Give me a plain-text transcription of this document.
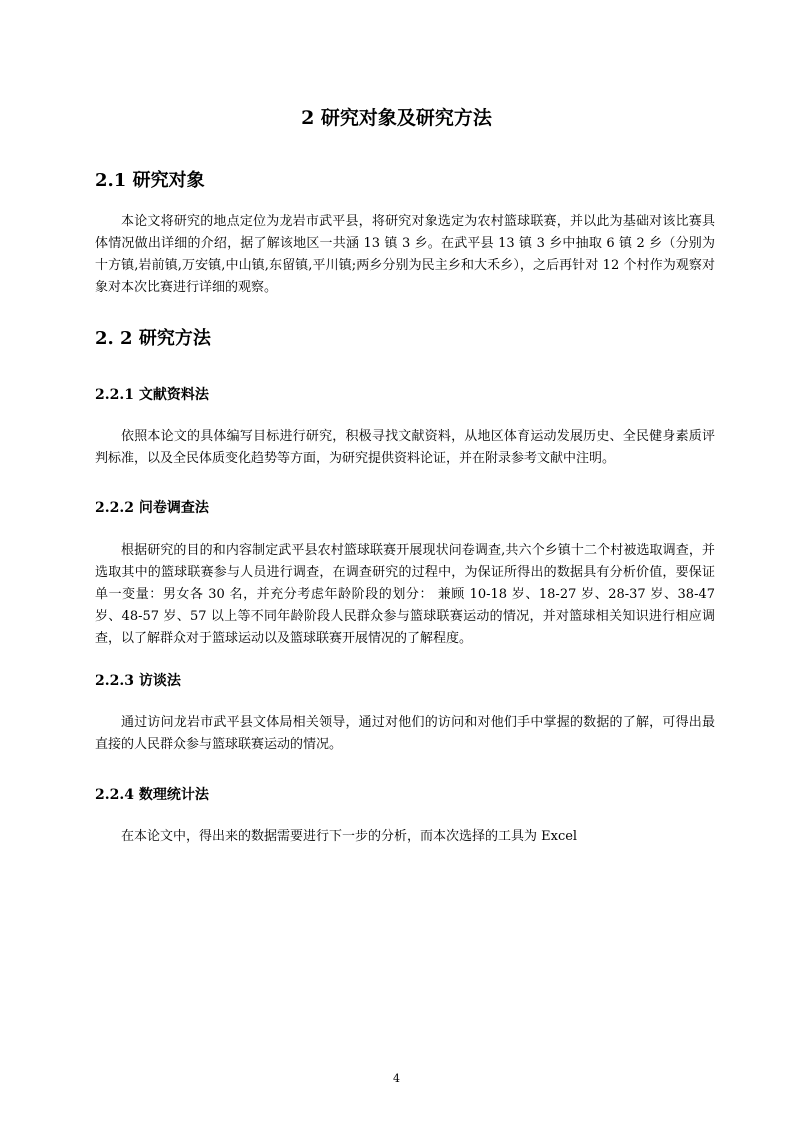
2 研究对象及研究方法
2.1 研究对象

本论文将研究的地点定位为龙岩市武平县，将研究对象选定为农村篮球联赛，并以此为基础对该比赛具体情况做出详细的介绍，据了解该地区一共涵 13 镇 3 乡。在武平县 13 镇 3 乡中抽取 6 镇 2 乡（分别为十方镇,岩前镇,万安镇,中山镇,东留镇,平川镇;两乡分别为民主乡和大禾乡），之后再针对 12 个村作为观察对象对本次比赛进行详细的观察。

2. 2 研究方法
2.2.1 文献资料法

依照本论文的具体编写目标进行研究，积极寻找文献资料，从地区体育运动发展历史、全民健身素质评判标准，以及全民体质变化趋势等方面，为研究提供资料论证，并在附录参考文献中注明。

2.2.2 问卷调查法

根据研究的目的和内容制定武平县农村篮球联赛开展现状问卷调查,共六个乡镇十二个村被选取调查，并选取其中的篮球联赛参与人员进行调查，在调查研究的过程中，为保证所得出的数据具有分析价值，要保证单一变量：男女各 30 名，并充分考虑年龄阶段的划分： 兼顾 10-18 岁、18-27 岁、28-37 岁、38-47 岁、48-57 岁、57 以上等不同年龄阶段人民群众参与篮球联赛运动的情况，并对篮球相关知识进行相应调查，以了解群众对于篮球运动以及篮球联赛开展情况的了解程度。

2.2.3 访谈法

通过访问龙岩市武平县文体局相关领导，通过对他们的访问和对他们手中掌握的数据的了解，可得出最直接的人民群众参与篮球联赛运动的情况。

2.2.4 数理统计法

在本论文中，得出来的数据需要进行下一步的分析，而本次选择的工具为 Excel

4
